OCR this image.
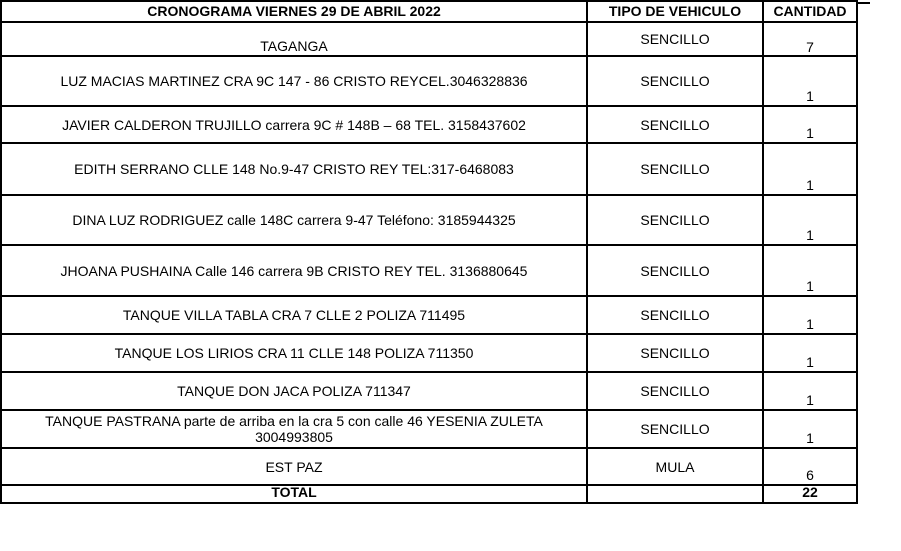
CRONOGRAMA VIERNES 29 DE ABRIL 2022	TIPO DE VEHICULO	CANTIDAD
TAGANGA	SENCILLO	7
LUZ MACIAS MARTINEZ CRA 9C 147 - 86 CRISTO REYCEL.3046328836	SENCILLO	1
JAVIER CALDERON TRUJILLO carrera 9C # 148B – 68 TEL. 3158437602	SENCILLO	1
EDITH SERRANO CLLE 148 No.9-47 CRISTO REY TEL:317-6468083	SENCILLO	1
DINA LUZ RODRIGUEZ calle 148C carrera 9-47 Teléfono: 3185944325	SENCILLO	1
JHOANA PUSHAINA Calle 146 carrera 9B CRISTO REY TEL. 3136880645	SENCILLO	1
TANQUE VILLA TABLA CRA 7 CLLE 2 POLIZA 711495	SENCILLO	1
TANQUE LOS LIRIOS CRA 11 CLLE 148 POLIZA 711350	SENCILLO	1
TANQUE DON JACA POLIZA 711347	SENCILLO	1
TANQUE PASTRANA parte de arriba en la cra 5 con calle 46 YESENIA ZULETA 3004993805	SENCILLO	1
EST PAZ	MULA	6
TOTAL		22
